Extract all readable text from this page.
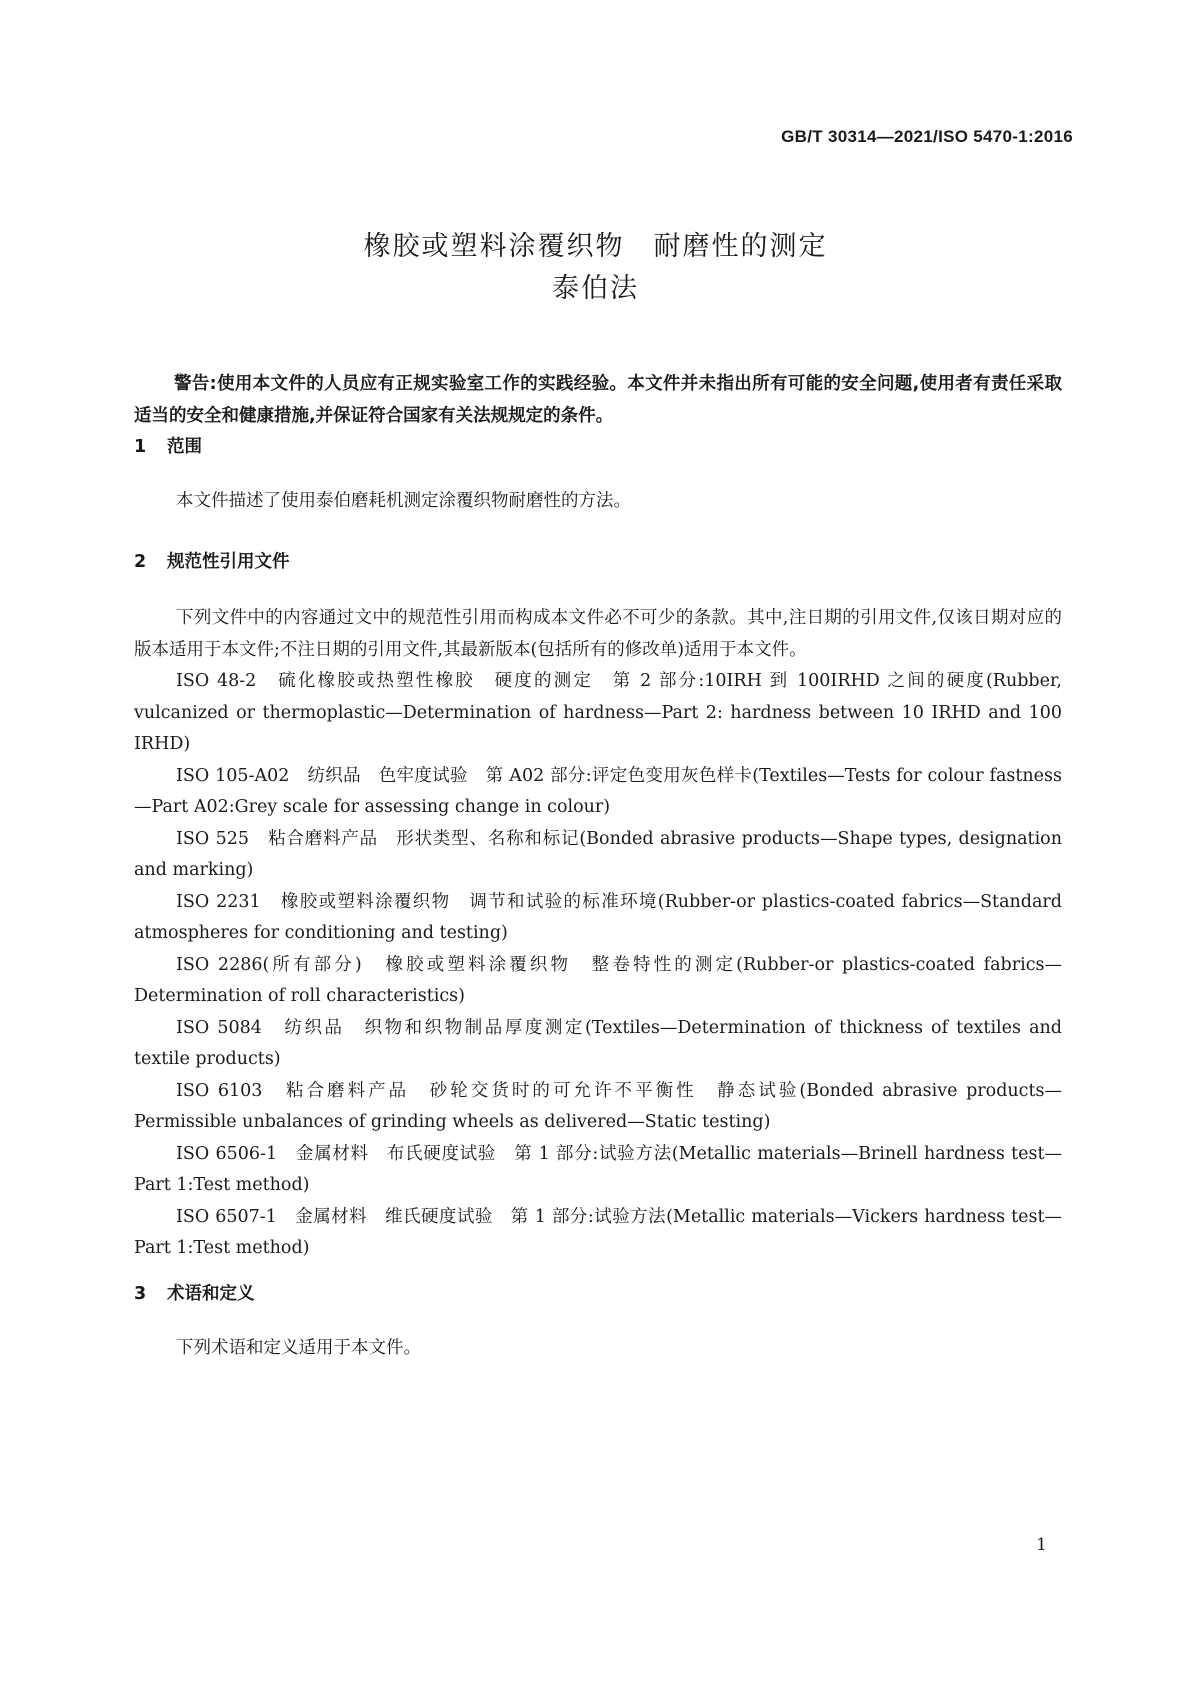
GB/T 30314—2021/ISO 5470-1:2016
橡胶或塑料涂覆织物　耐磨性的测定
泰伯法
警告:使用本文件的人员应有正规实验室工作的实践经验。本文件并未指出所有可能的安全问题,使用者有责任采取适当的安全和健康措施,并保证符合国家有关法规规定的条件。
1 范围

本文件描述了使用泰伯磨耗机测定涂覆织物耐磨性的方法。

2 规范性引用文件

下列文件中的内容通过文中的规范性引用而构成本文件必不可少的条款。其中,注日期的引用文件,仅该日期对应的版本适用于本文件;不注日期的引用文件,其最新版本(包括所有的修改单)适用于本文件。

ISO 48-2　硫化橡胶或热塑性橡胶　硬度的测定　第 2 部分:10IRH 到 100IRHD 之间的硬度(Rubber, vulcanized or thermoplastic—Determination of hardness—Part 2: hardness between 10 IRHD and 100 IRHD)

ISO 105-A02　纺织品　色牢度试验　第 A02 部分:评定色变用灰色样卡(Textiles—Tests for colour fastness—Part A02:Grey scale for assessing change in colour)

ISO 525　粘合磨料产品　形状类型、名称和标记(Bonded abrasive products—Shape types, designation and marking)

ISO 2231　橡胶或塑料涂覆织物　调节和试验的标准环境(Rubber-or plastics-coated fabrics—Standard atmospheres for conditioning and testing)

ISO 2286(所有部分)　橡胶或塑料涂覆织物　整卷特性的测定(Rubber-or plastics-coated fabrics—Determination of roll characteristics)

ISO 5084　纺织品　织物和织物制品厚度测定(Textiles—Determination of thickness of textiles and textile products)

ISO 6103　粘合磨料产品　砂轮交货时的可允许不平衡性　静态试验(Bonded abrasive products—Permissible unbalances of grinding wheels as delivered—Static testing)

ISO 6506-1　金属材料　布氏硬度试验　第 1 部分:试验方法(Metallic materials—Brinell hardness test—Part 1:Test method)

ISO 6507-1　金属材料　维氏硬度试验　第 1 部分:试验方法(Metallic materials—Vickers hardness test—Part 1:Test method)

3 术语和定义

下列术语和定义适用于本文件。

1
